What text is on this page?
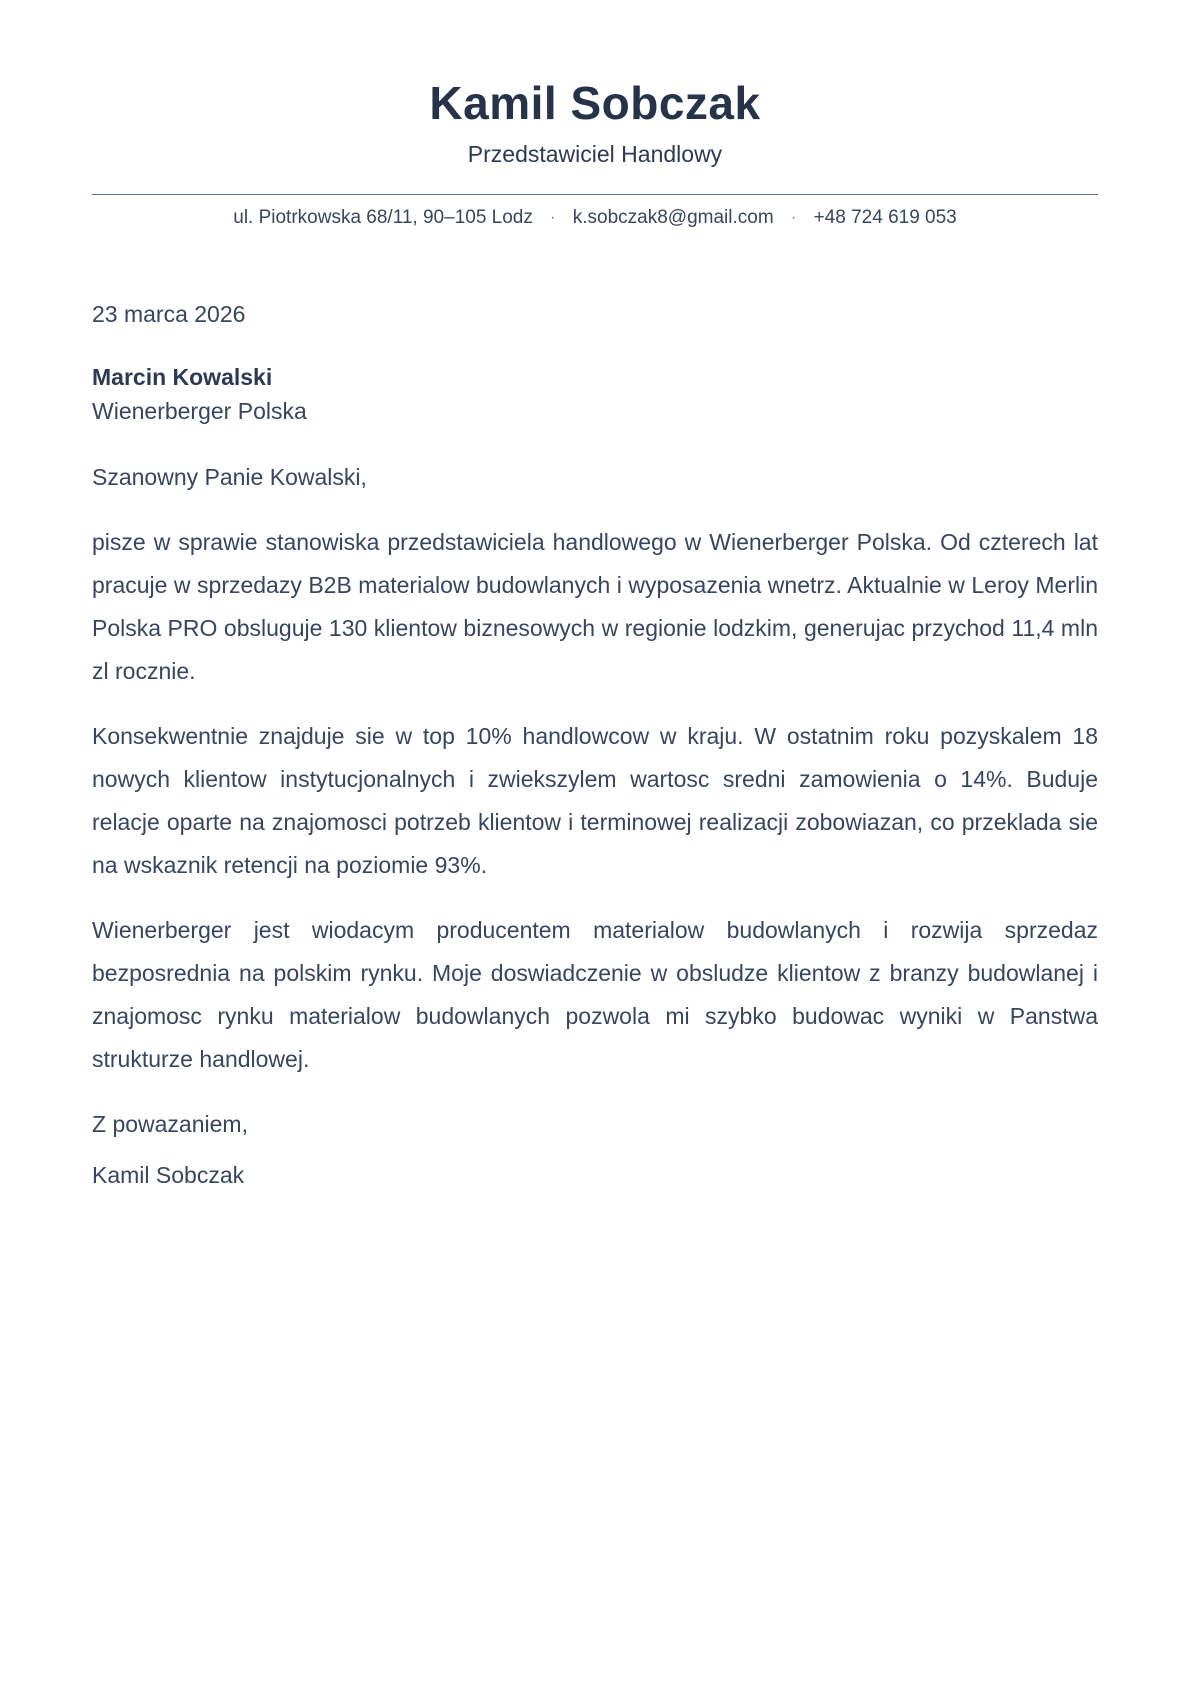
Kamil Sobczak
Przedstawiciel Handlowy
ul. Piotrkowska 68/11, 90–105 Lodz · k.sobczak8@gmail.com · +48 724 619 053
23 marca 2026
Marcin Kowalski
Wienerberger Polska
Szanowny Panie Kowalski,

pisze w sprawie stanowiska przedstawiciela handlowego w Wienerberger Polska. Od czterech lat pracuje w sprzedazy B2B materialow budowlanych i wyposazenia wnetrz. Aktualnie w Leroy Merlin Polska PRO obsluguje 130 klientow biznesowych w regionie lodzkim, generujac przychod 11,4 mln zl rocznie.

Konsekwentnie znajduje sie w top 10% handlowcow w kraju. W ostatnim roku pozyskalem 18 nowych klientow instytucjonalnych i zwiekszylem wartosc sredni zamowienia o 14%. Buduje relacje oparte na znajomosci potrzeb klientow i terminowej realizacji zobowiazan, co przeklada sie na wskaznik retencji na poziomie 93%.

Wienerberger jest wiodacym producentem materialow budowlanych i rozwija sprzedaz bezposrednia na polskim rynku. Moje doswiadczenie w obsludze klientow z branzy budowlanej i znajomosc rynku materialow budowlanych pozwola mi szybko budowac wyniki w Panstwa strukturze handlowej.

Z powazaniem,
Kamil Sobczak
